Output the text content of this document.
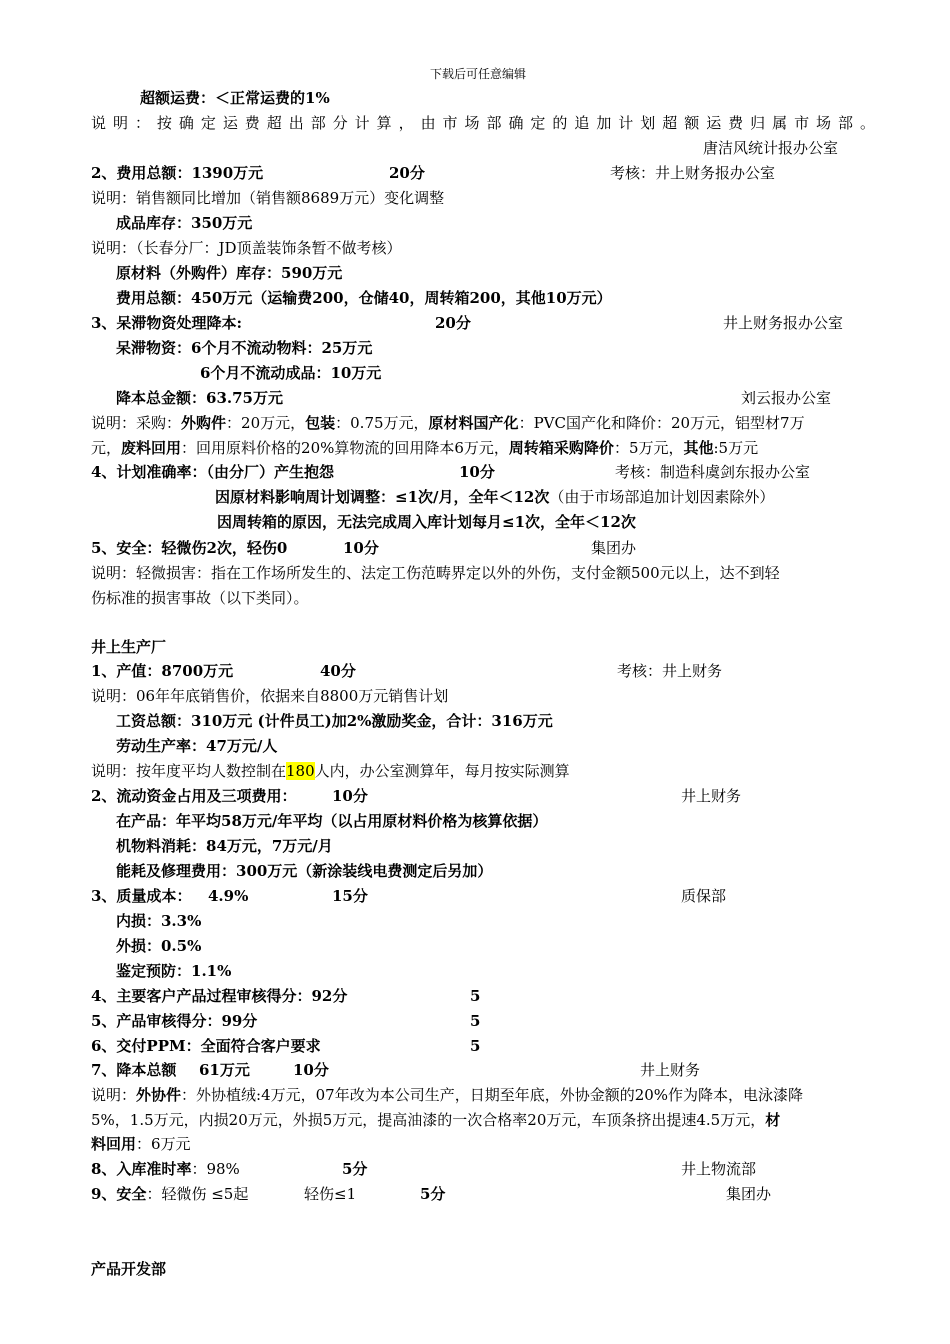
下载后可任意编辑
超额运费：＜正常运费的1%
说 明 ： 按 确 定 运 费 超 出 部 分 计 算 ， 由 市 场 部 确 定 的 追 加 计 划 超 额 运 费 归 属 市 场 部 。
唐洁风统计报办公室
2、费用总额：1390万元	20分	考核：井上财务报办公室
说明：销售额同比增加（销售额8689万元）变化调整
成品库存：350万元
说明：（长春分厂：JD顶盖装饰条暂不做考核）
原材料（外购件）库存：590万元
费用总额：450万元（运输费200，仓储40，周转箱200，其他10万元）
3、呆滞物资处理降本:	20分	井上财务报办公室
呆滞物资：6个月不流动物料：25万元
6个月不流动成品：10万元
降本总金额：63.75万元	刘云报办公室
说明：采购：外购件：20万元，包装：0.75万元，原材料国产化：PVC国产化和降价：20万元，铝型材7万
元，废料回用：回用原料价格的20%算物流的回用降本6万元，周转箱采购降价：5万元，其他:5万元
4、计划准确率：（由分厂）产生抱怨	10分	考核：制造科虞剑东报办公室
因原材料影响周计划调整：≤1次/月，全年＜12次（由于市场部追加计划因素除外）
因周转箱的原因，无法完成周入库计划每月≤1次，全年＜12次
5、安全：轻微伤2次，轻伤0	10分	集团办
说明：轻微损害：指在工作场所发生的、法定工伤范畴界定以外的外伤，支付金额500元以上，达不到轻
伤标准的损害事故（以下类同）。
井上生产厂
1、产值：8700万元	40分	考核：井上财务
说明：06年年底销售价，依据来自8800万元销售计划
工资总额：310万元 (计件员工)加2%激励奖金，合计：316万元
劳动生产率：47万元/人
说明：按年度平均人数控制在180人内，办公室测算年，每月按实际测算
2、流动资金占用及三项费用： 10分	井上财务
在产品：年平均58万元/年平均（以占用原材料价格为核算依据）
机物料消耗：84万元，7万元/月
能耗及修理费用：300万元（新涂装线电费测定后另加）
3、质量成本： 4.9%	15分	质保部
内损：3.3%
外损：0.5%
鉴定预防：1.1%
4、主要客户产品过程审核得分：92分	5
5、产品审核得分：99分	5
6、交付PPM：全面符合客户要求	5
7、降本总额 61万元	10分	井上财务
说明：外协件：外协植绒:4万元，07年改为本公司生产，日期至年底，外协金额的20%作为降本，电泳漆降
5%，1.5万元，内损20万元，外损5万元，提高油漆的一次合格率20万元，车顶条挤出提速4.5万元，材
料回用：6万元
8、入库准时率：98%	5分	井上物流部
9、安全：轻微伤 ≤5起	轻伤≤1	5分	集团办
产品开发部
